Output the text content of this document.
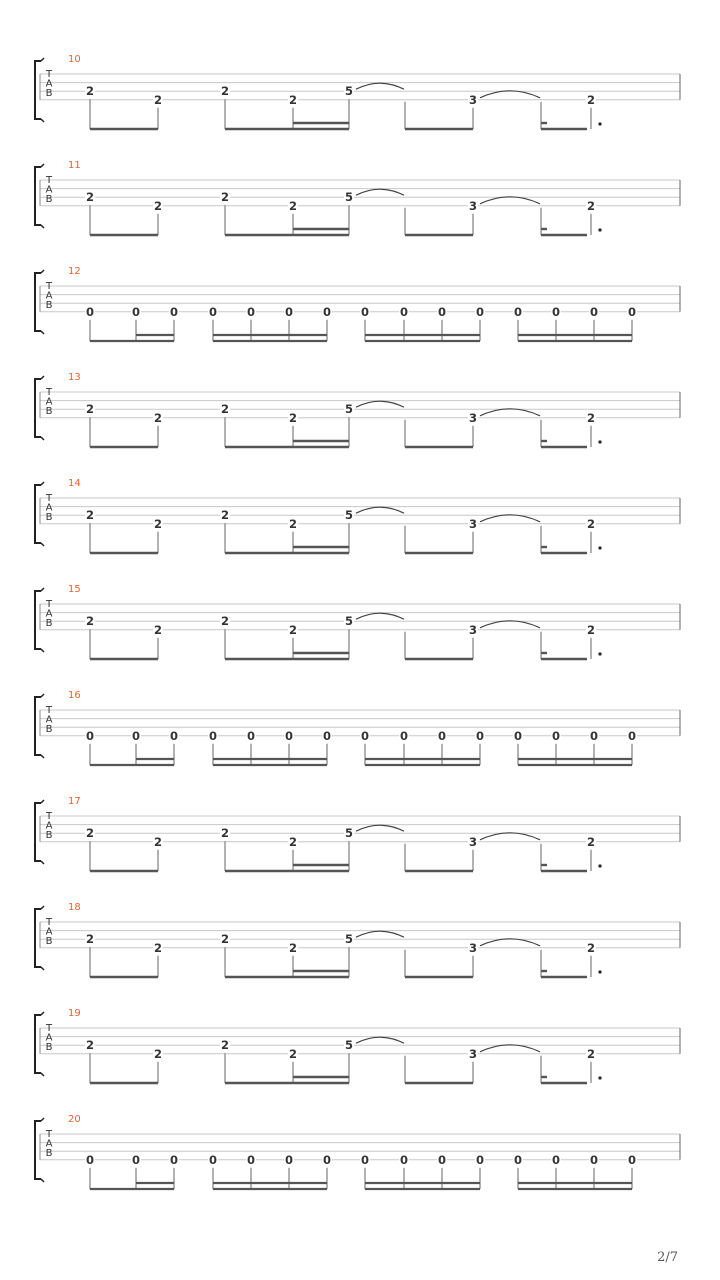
10
T
A
B	2
2
2
2
5
3	2
11
T
A
B	2
2
2
2
5
3	2
12
T
A
B	0	0	0	0	0	0	0	0	0	0	0	0	0	0	0
13
T
A
B	2
2
2
2
5
3	2
14
T
A
B	2
2
2
2
5
3	2
15
T
A
B	2
2
2
2
5
3	2
16
T
A
B	0	0	0	0	0	0	0	0	0	0	0	0	0	0	0
17
T
A
B	2
2
2
2
5
3	2
18
T
A
B	2
2
2
2
5
3	2
19
T
A
B	2
2
2
2
5
3	2
20
T
A
B	0	0	0	0	0	0	0	0	0	0	0	0	0	0	0
2/7
